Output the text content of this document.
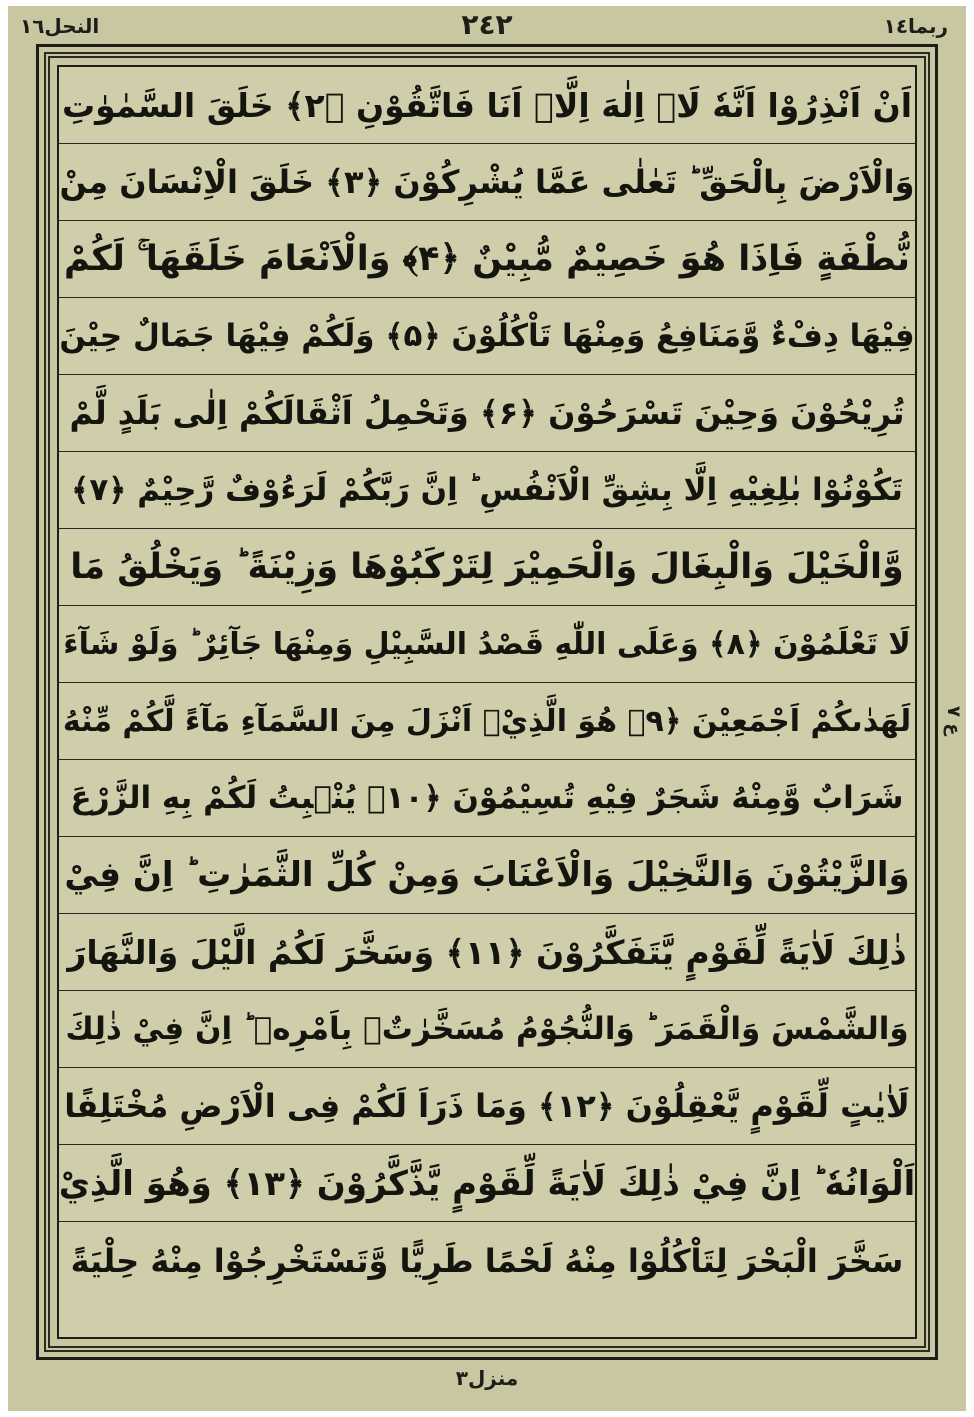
النحل١٦	٢٤٢	ربما١٤
اَنْ اَنْذِرُوْا اَنَّهٗ لَاۤ اِلٰهَ اِلَّاۤ اَنَا فَاتَّقُوْنِ ﴿۲﴾ خَلَقَ السَّمٰوٰتِ
وَالْاَرْضَ بِالْحَقِّ ؕ تَعٰلٰى عَمَّا يُشْرِكُوْنَ ﴿۳﴾ خَلَقَ الْاِنْسَانَ مِنْ
نُّطْفَةٍ فَاِذَا هُوَ خَصِيْمٌ مُّبِيْنٌ ﴿۴﴾ وَالْاَنْعَامَ خَلَقَهَا ۚ لَكُمْ
فِيْهَا دِفْءٌ وَّمَنَافِعُ وَمِنْهَا تَاْكُلُوْنَ ﴿۵﴾ وَلَكُمْ فِيْهَا جَمَالٌ حِيْنَ
تُرِيْحُوْنَ وَحِيْنَ تَسْرَحُوْنَ ﴿۶﴾ وَتَحْمِلُ اَثْقَالَكُمْ اِلٰى بَلَدٍ لَّمْ
تَكُوْنُوْا بٰلِغِيْهِ اِلَّا بِشِقِّ الْاَنْفُسِ ؕ اِنَّ رَبَّكُمْ لَرَءُوْفٌ رَّحِيْمٌ ﴿۷﴾
وَّالْخَيْلَ وَالْبِغَالَ وَالْحَمِيْرَ لِتَرْكَبُوْهَا وَزِيْنَةً ؕ وَيَخْلُقُ مَا
لَا تَعْلَمُوْنَ ﴿۸﴾ وَعَلَى اللّٰهِ قَصْدُ السَّبِيْلِ وَمِنْهَا جَآئِرٌ ؕ وَلَوْ شَآءَ
لَهَدٰىكُمْ اَجْمَعِيْنَ ﴿۹﴾ هُوَ الَّذِيْۤ اَنْزَلَ مِنَ السَّمَآءِ مَآءً لَّكُمْ مِّنْهُ
شَرَابٌ وَّمِنْهُ شَجَرٌ فِيْهِ تُسِيْمُوْنَ ﴿۱۰﴾ يُنْۢبِتُ لَكُمْ بِهِ الزَّرْعَ
وَالزَّيْتُوْنَ وَالنَّخِيْلَ وَالْاَعْنَابَ وَمِنْ كُلِّ الثَّمَرٰتِ ؕ اِنَّ فِيْ
ذٰلِكَ لَاٰيَةً لِّقَوْمٍ يَّتَفَكَّرُوْنَ ﴿۱۱﴾ وَسَخَّرَ لَكُمُ الَّيْلَ وَالنَّهَارَ
وَالشَّمْسَ وَالْقَمَرَ ؕ وَالنُّجُوْمُ مُسَخَّرٰتٌۢ بِاَمْرِهٖ ؕ اِنَّ فِيْ ذٰلِكَ
لَاٰيٰتٍ لِّقَوْمٍ يَّعْقِلُوْنَ ﴿۱۲﴾ وَمَا ذَرَاَ لَكُمْ فِى الْاَرْضِ مُخْتَلِفًا
اَلْوَانُهٗ ؕ اِنَّ فِيْ ذٰلِكَ لَاٰيَةً لِّقَوْمٍ يَّذَّكَّرُوْنَ ﴿۱۳﴾ وَهُوَ الَّذِيْ
سَخَّرَ الْبَحْرَ لِتَاْكُلُوْا مِنْهُ لَحْمًا طَرِيًّا وَّتَسْتَخْرِجُوْا مِنْهُ حِلْيَةً
ع ٧
منزل٣
